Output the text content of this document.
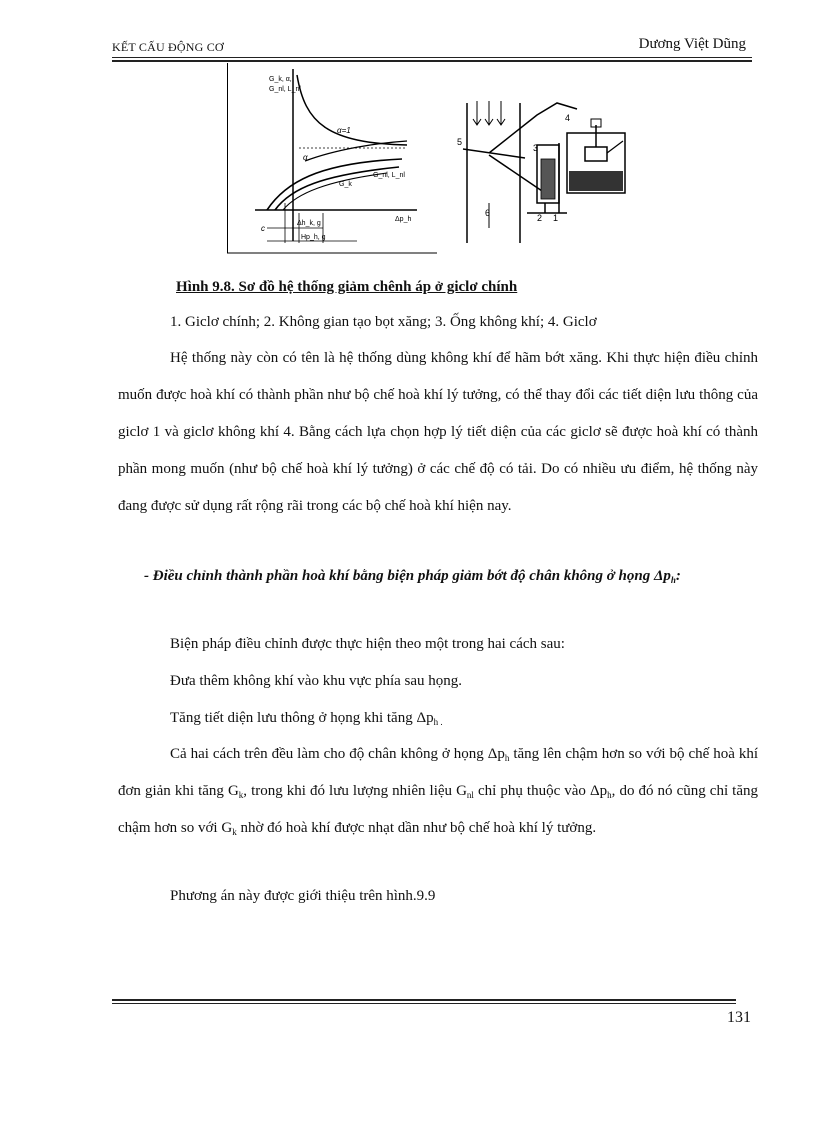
KẾT CẤU ĐỘNG CƠ	Dương Việt Dũng
G_k, α,
G_nl, L_nl
α=1
α
G_k
G_nl, L_nl
c
Δp_h
Δh_k, g
Hp_h, g
5
3
4
6	2 1
Hình 9.8. Sơ đồ hệ thống giảm chênh áp ở giclơ chính
1. Giclơ chính; 2. Không gian tạo bọt xăng; 3. Ống không khí; 4. Giclơ
Hệ thống này còn có tên là hệ thống dùng không khí để hãm bớt xăng. Khi thực hiện điều chỉnh muốn được hoà khí có thành phần như bộ chế hoà khí lý tưởng, có thể thay đổi các tiết diện lưu thông của giclơ 1 và giclơ không khí 4. Bằng cách lựa chọn hợp lý tiết diện của các giclơ sẽ được hoà khí có thành phần mong muốn (như bộ chế hoà khí lý tưởng) ở các chế độ có tải. Do có nhiều ưu điểm, hệ thống này đang được sử dụng rất rộng rãi trong các bộ chế hoà khí hiện nay.
- Điều chỉnh thành phần hoà khí bằng biện pháp giảm bớt độ chân không ở họng $\Delta p_h$:
Biện pháp điều chỉnh được thực hiện theo một trong hai cách sau:
Đưa thêm không khí vào khu vực phía sau họng.
Tăng tiết diện lưu thông ở họng khi tăng $\Delta p_{h .}$
Cả hai cách trên đều làm cho độ chân không ở họng $\Delta p_h$ tăng lên chậm hơn so với bộ chế hoà khí đơn giản khi tăng $G_k$, trong khi đó lưu lượng nhiên liệu $G_{nl}$ chỉ phụ thuộc vào $\Delta p_h$, do đó nó cũng chỉ tăng chậm hơn so với $G_k$ nhờ đó hoà khí được nhạt dần như bộ chế hoà khí lý tưởng.
Phương án này được giới thiệu trên hình.9.9
131
